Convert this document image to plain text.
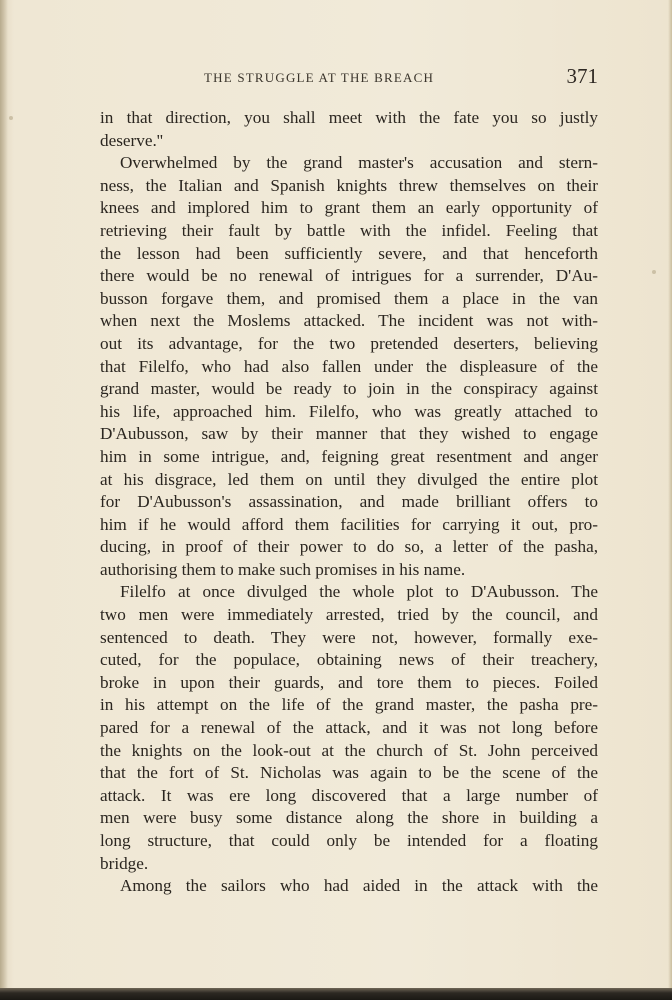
THE STRUGGLE AT THE BREACH	371
in that direction, you shall meet with the fate you so justly
deserve.''
Overwhelmed by the grand master's accusation and stern-
ness, the Italian and Spanish knights threw themselves on their
knees and implored him to grant them an early opportunity of
retrieving their fault by battle with the infidel. Feeling that
the lesson had been sufficiently severe, and that henceforth
there would be no renewal of intrigues for a surrender, D'Au-
busson forgave them, and promised them a place in the van
when next the Moslems attacked. The incident was not with-
out its advantage, for the two pretended deserters, believing
that Filelfo, who had also fallen under the displeasure of the
grand master, would be ready to join in the conspiracy against
his life, approached him. Filelfo, who was greatly attached to
D'Aubusson, saw by their manner that they wished to engage
him in some intrigue, and, feigning great resentment and anger
at his disgrace, led them on until they divulged the entire plot
for D'Aubusson's assassination, and made brilliant offers to
him if he would afford them facilities for carrying it out, pro-
ducing, in proof of their power to do so, a letter of the pasha,
authorising them to make such promises in his name.
Filelfo at once divulged the whole plot to D'Aubusson. The
two men were immediately arrested, tried by the council, and
sentenced to death. They were not, however, formally exe-
cuted, for the populace, obtaining news of their treachery,
broke in upon their guards, and tore them to pieces. Foiled
in his attempt on the life of the grand master, the pasha pre-
pared for a renewal of the attack, and it was not long before
the knights on the look-out at the church of St. John perceived
that the fort of St. Nicholas was again to be the scene of the
attack. It was ere long discovered that a large number of
men were busy some distance along the shore in building a
long structure, that could only be intended for a floating
bridge.
Among the sailors who had aided in the attack with the
